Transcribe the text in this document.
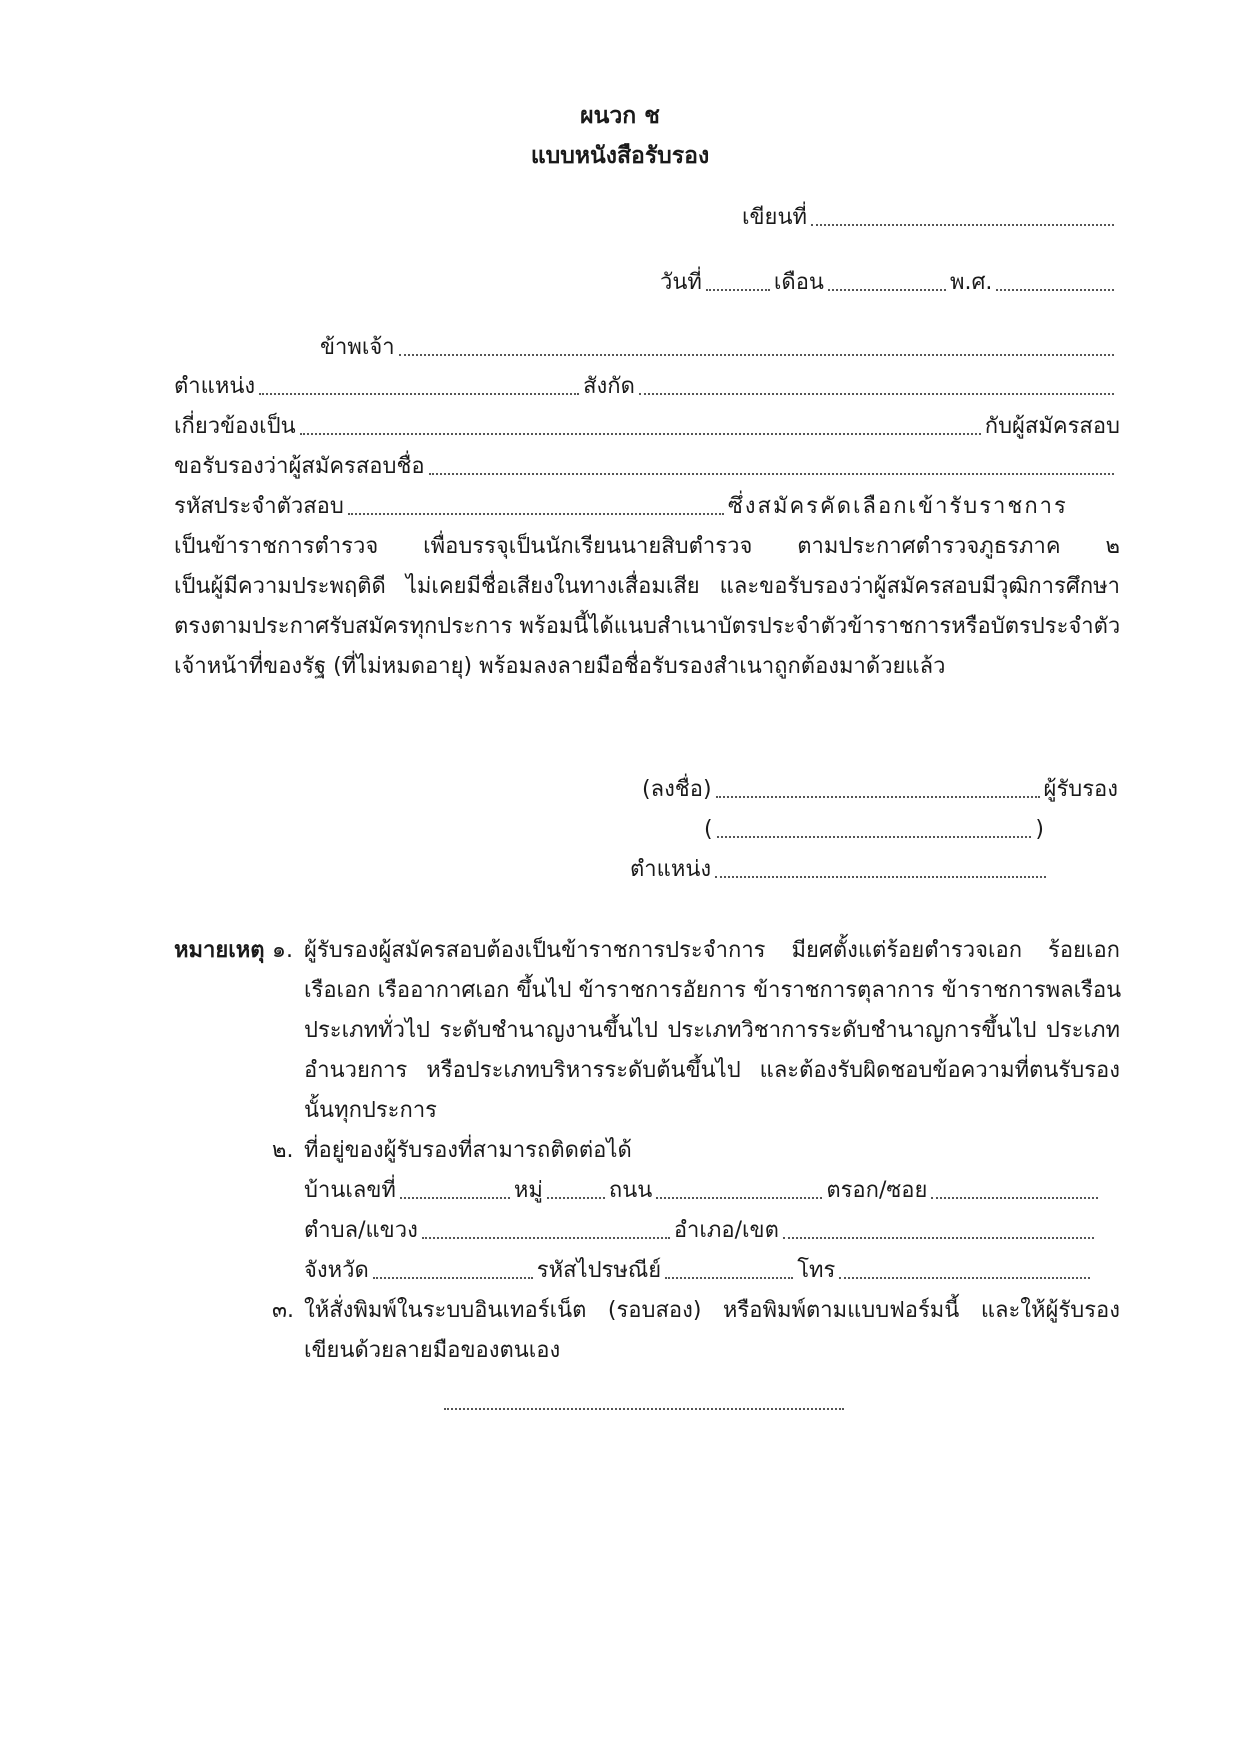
ผนวก ช
แบบหนังสือรับรอง
เขียนที่
วันที่	เดือน	พ.ศ.
ข้าพเจ้า
ตำแหน่ง	สังกัด
เกี่ยวข้องเป็น	กับผู้สมัครสอบ
ขอรับรองว่าผู้สมัครสอบชื่อ
รหัสประจำตัวสอบ	ซึ่งสมัครคัดเลือกเข้ารับราชการ
เป็นข้าราชการตำรวจ เพื่อบรรจุเป็นนักเรียนนายสิบตำรวจ ตามประกาศตำรวจภูธรภาค ๒
เป็นผู้มีความประพฤติดี ไม่เคยมีชื่อเสียงในทางเสื่อมเสีย และขอรับรองว่าผู้สมัครสอบมีวุฒิการศึกษา
ตรงตามประกาศรับสมัครทุกประการ พร้อมนี้ได้แนบสำเนาบัตรประจำตัวข้าราชการหรือบัตรประจำตัว
เจ้าหน้าที่ของรัฐ (ที่ไม่หมดอายุ) พร้อมลงลายมือชื่อรับรองสำเนาถูกต้องมาด้วยแล้ว
(ลงชื่อ)	ผู้รับรอง
(	)
ตำแหน่ง
หมายเหตุ ๑. ผู้รับรองผู้สมัครสอบต้องเป็นข้าราชการประจำการ มียศตั้งแต่ร้อยตำรวจเอก ร้อยเอก
เรือเอก เรืออากาศเอก ขึ้นไป ข้าราชการอัยการ ข้าราชการตุลาการ ข้าราชการพลเรือน
ประเภททั่วไป ระดับชำนาญงานขึ้นไป ประเภทวิชาการระดับชำนาญการขึ้นไป ประเภท
อำนวยการ หรือประเภทบริหารระดับต้นขึ้นไป และต้องรับผิดชอบข้อความที่ตนรับรอง
นั้นทุกประการ
๒. ที่อยู่ของผู้รับรองที่สามารถติดต่อได้
บ้านเลขที่	หมู่	ถนน	ตรอก/ซอย
ตำบล/แขวง	อำเภอ/เขต
จังหวัด	รหัสไปรษณีย์	โทร
๓. ให้สั่งพิมพ์ในระบบอินเทอร์เน็ต (รอบสอง) หรือพิมพ์ตามแบบฟอร์มนี้ และให้ผู้รับรอง
เขียนด้วยลายมือของตนเอง
